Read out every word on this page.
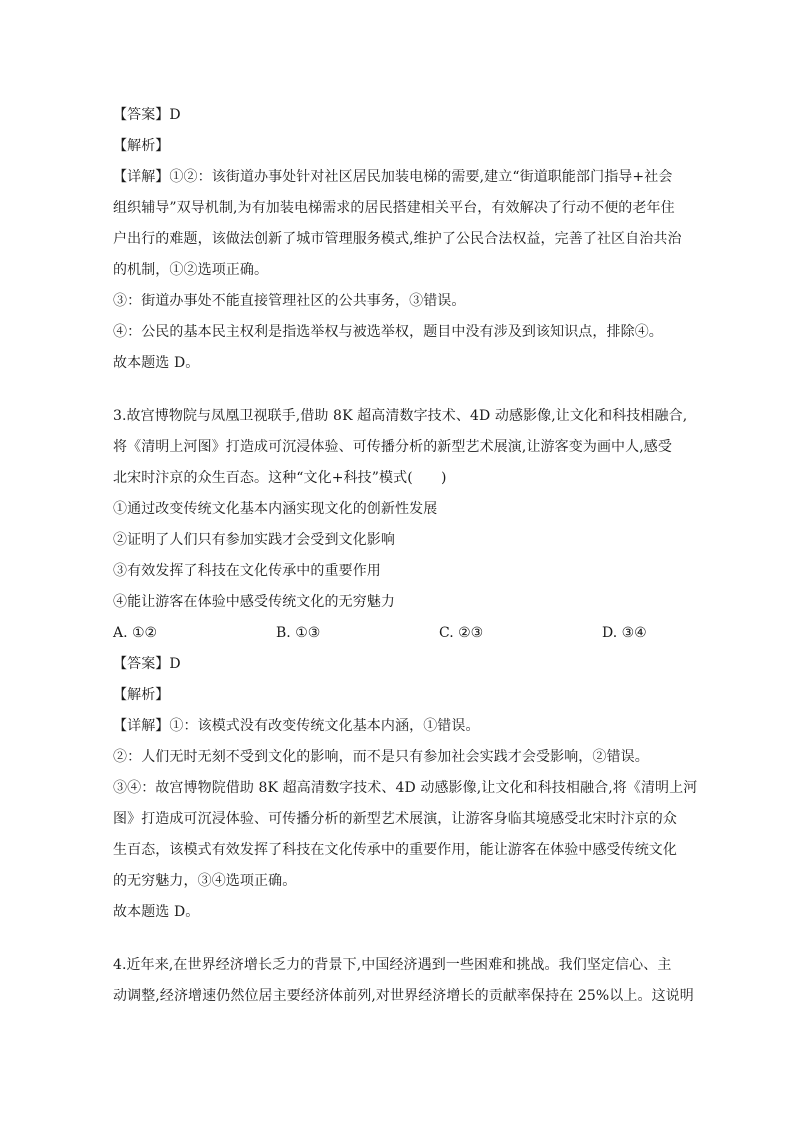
【答案】D
【解析】
【详解】①②：该街道办事处针对社区居民加装电梯的需要,建立“街道职能部门指导+社会
组织辅导”双导机制,为有加装电梯需求的居民搭建相关平台，有效解决了行动不便的老年住
户出行的难题，该做法创新了城市管理服务模式,维护了公民合法权益，完善了社区自治共治
的机制，①②选项正确。
③：街道办事处不能直接管理社区的公共事务，③错误。
④：公民的基本民主权利是指选举权与被选举权，题目中没有涉及到该知识点，排除④。
故本题选 D。
3.故宫博物院与凤凰卫视联手,借助 8K 超高清数字技术、4D 动感影像,让文化和科技相融合,
将《清明上河图》打造成可沉浸体验、可传播分析的新型艺术展演,让游客变为画中人,感受
北宋时汴京的众生百态。这种“文化+科技”模式(　　)
①通过改变传统文化基本内涵实现文化的创新性发展
②证明了人们只有参加实践才会受到文化影响
③有效发挥了科技在文化传承中的重要作用
④能让游客在体验中感受传统文化的无穷魅力
A. ①②	B. ①③	C. ②③	D. ③④
【答案】D
【解析】
【详解】①：该模式没有改变传统文化基本内涵，①错误。
②：人们无时无刻不受到文化的影响，而不是只有参加社会实践才会受影响，②错误。
③④：故宫博物院借助 8K 超高清数字技术、4D 动感影像,让文化和科技相融合,将《清明上河
图》打造成可沉浸体验、可传播分析的新型艺术展演，让游客身临其境感受北宋时汴京的众
生百态，该模式有效发挥了科技在文化传承中的重要作用，能让游客在体验中感受传统文化
的无穷魅力，③④选项正确。
故本题选 D。
4.近年来,在世界经济增长乏力的背景下,中国经济遇到一些困难和挑战。我们坚定信心、主
动调整,经济增速仍然位居主要经济体前列,对世界经济增长的贡献率保持在 25%以上。这说明
